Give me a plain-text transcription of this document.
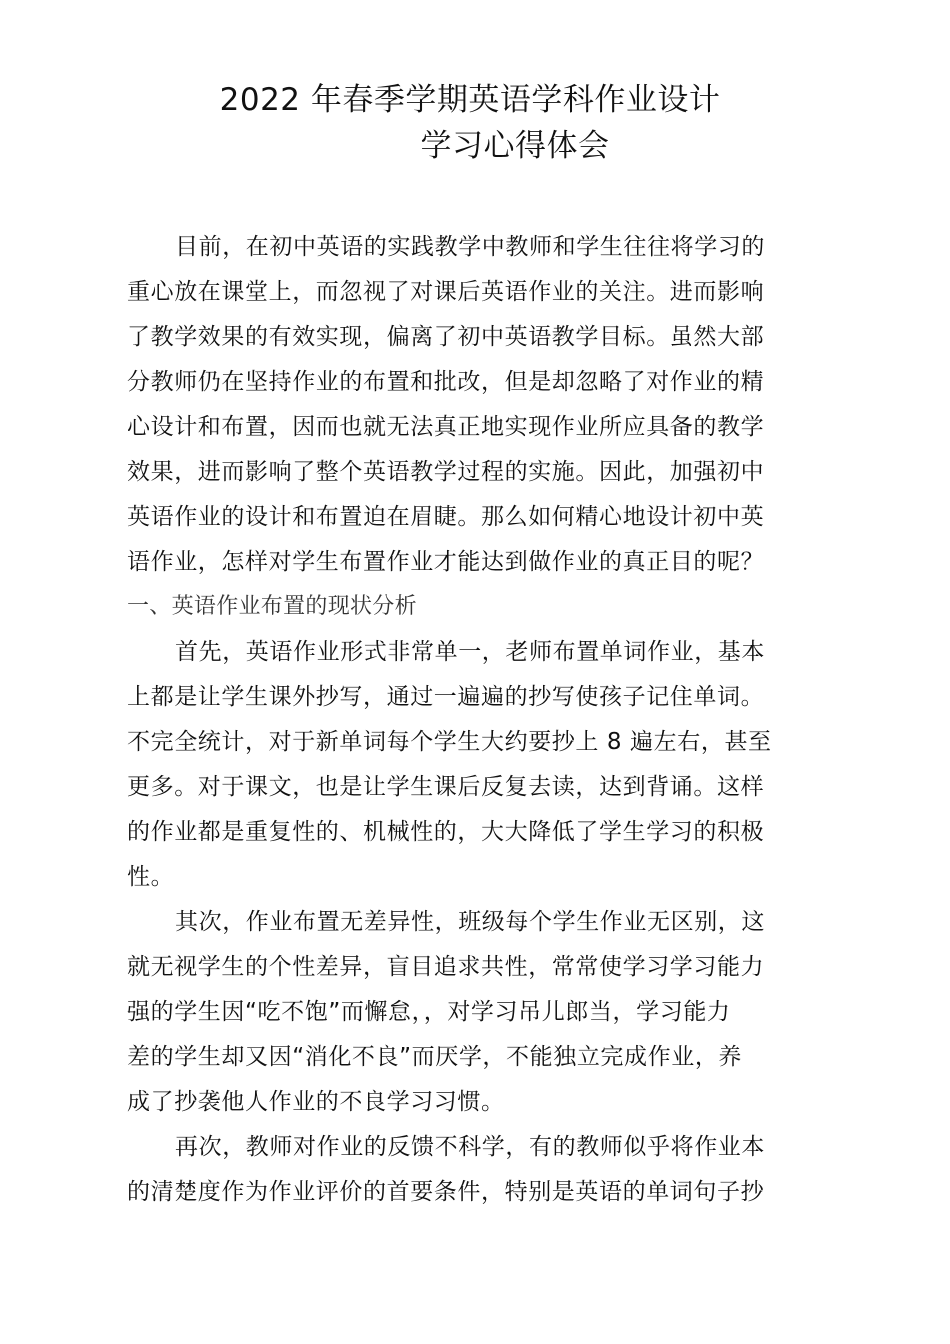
2022 年春季学期英语学科作业设计
学习心得体会
目前，在初中英语的实践教学中教师和学生往往将学习的
重心放在课堂上，而忽视了对课后英语作业的关注。进而影响
了教学效果的有效实现，偏离了初中英语教学目标。虽然大部
分教师仍在坚持作业的布置和批改，但是却忽略了对作业的精
心设计和布置，因而也就无法真正地实现作业所应具备的教学
效果，进而影响了整个英语教学过程的实施。因此，加强初中
英语作业的设计和布置迫在眉睫。那么如何精心地设计初中英
语作业，怎样对学生布置作业才能达到做作业的真正目的呢？
一、英语作业布置的现状分析
首先，英语作业形式非常单一，老师布置单词作业，基本
上都是让学生课外抄写，通过一遍遍的抄写使孩子记住单词。
不完全统计，对于新单词每个学生大约要抄上 8 遍左右，甚至
更多。对于课文，也是让学生课后反复去读，达到背诵。这样
的作业都是重复性的、机械性的，大大降低了学生学习的积极
性。
其次，作业布置无差异性，班级每个学生作业无区别，这
就无视学生的个性差异，盲目追求共性，常常使学习学习能力
强的学生因“吃不饱”而懈怠，，对学习吊儿郎当，学习能力
差的学生却又因“消化不良”而厌学，不能独立完成作业，养
成了抄袭他人作业的不良学习习惯。
再次，教师对作业的反馈不科学，有的教师似乎将作业本
的清楚度作为作业评价的首要条件，特别是英语的单词句子抄
